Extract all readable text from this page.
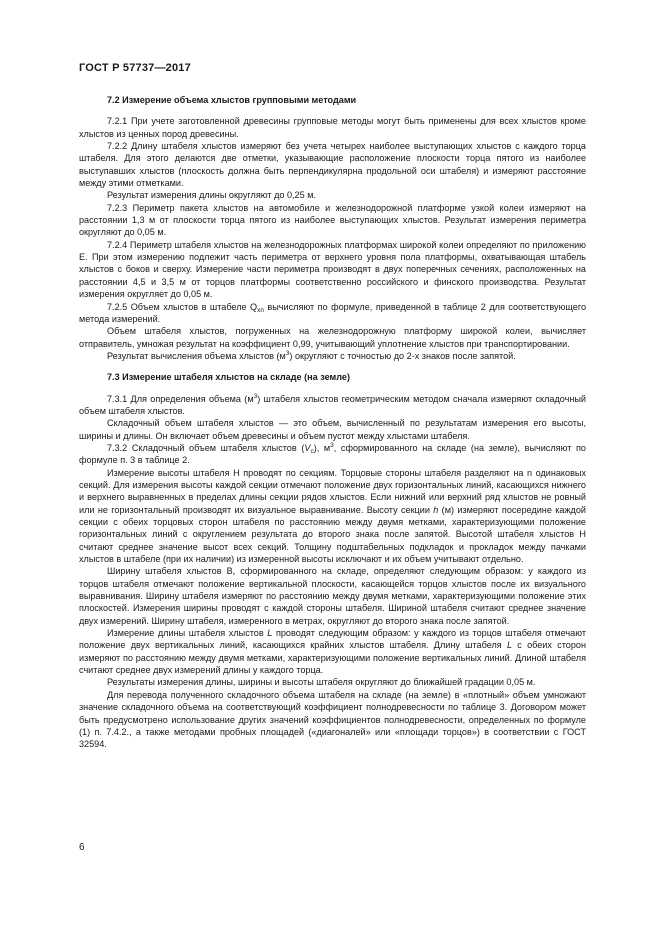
ГОСТ Р 57737—2017
7.2 Измерение объема хлыстов групповыми методами

7.2.1 При учете заготовленной древесины групповые методы могут быть применены для всех хлыстов кроме хлыстов из ценных пород древесины.

7.2.2 Длину штабеля хлыстов измеряют без учета четырех наиболее выступающих хлыстов с каждого торца штабеля. Для этого делаются две отметки, указывающие расположение плоскости торца пятого из наиболее выступавших хлыстов (плоскость должна быть перпендикулярна продольной оси штабеля) и измеряют расстояние между этими отметками.

Результат измерения длины округляют до 0,25 м.

7.2.3 Периметр пакета хлыстов на автомобиле и железнодорожной платформе узкой колеи измеряют на расстоянии 1,3 м от плоскости торца пятого из наиболее выступающих хлыстов. Результат измерения периметра округляют до 0,05 м.

7.2.4 Периметр штабеля хлыстов на железнодорожных платформах широкой колеи определяют по приложению Е. При этом измерению подлежит часть периметра от верхнего уровня пола платформы, охватывающая штабель хлыстов с боков и сверху. Измерение части периметра производят в двух поперечных сечениях, расположенных на расстоянии 4,5 и 3,5 м от торцов платформы соответственно российского и финского производства. Результат измерения округляет до 0,05 м.

7.2.5 Объем хлыстов в штабеле $Q_{хп}$ вычисляют по формуле, приведенной в таблице 2 для соответствующего метода измерений.

Объем штабеля хлыстов, погруженных на железнодорожную платформу широкой колеи, вычисляет отправитель, умножая результат на коэффициент 0,99, учитывающий уплотнение хлыстов при транспортировании.

Результат вычисления объема хлыстов $(м^3)$ округляют с точностью до 2-х знаков после запятой.

7.3 Измерение штабеля хлыстов на складе (на земле)

7.3.1 Для определения объема $(м^3)$ штабеля хлыстов геометрическим методом сначала измеряют складочный объем штабеля хлыстов.

Складочный объем штабеля хлыстов — это объем, вычисленный по результатам измерения его высоты, ширины и длины. Он включает объем древесины и объем пустот между хлыстами штабеля.

7.3.2 Складочный объем штабеля хлыстов $(V_с)$, $м^3$, сформированного на складе (на земле), вычисляют по формуле п. 3 в таблице 2.

Измерение высоты штабеля Н проводят по секциям. Торцовые стороны штабеля разделяют на n одинаковых секций. Для измерения высоты каждой секции отмечают положение двух горизонтальных линий, касающихся нижнего и верхнего выравненных в пределах длины секции рядов хлыстов. Если нижний или верхний ряд хлыстов не ровный или не горизонтальный производят их визуальное выравнивание. Высоту секции h (м) измеряют посередине каждой секции с обеих торцовых сторон штабеля по расстоянию между двумя метками, характеризующими положение горизонтальных линий с округлением результата до второго знака после запятой. Высотой штабеля хлыстов Н считают среднее значение высот всех секций. Толщину подштабельных подкладок и прокладок между пачками хлыстов в штабеле (при их наличии) из измеренной высоты исключают и их объем учитывают отдельно.

Ширину штабеля хлыстов В, сформированного на складе, определяют следующим образом: у каждого из торцов штабеля отмечают положение вертикальной плоскости, касающейся торцов хлыстов после их визуального выравнивания. Ширину штабеля измеряют по расстоянию между двумя метками, характеризующими положение этих плоскостей. Измерения ширины проводят с каждой стороны штабеля. Шириной штабеля считают среднее значение двух измерений. Ширину штабеля, измеренного в метрах, округляют до второго знака после запятой.

Измерение длины штабеля хлыстов L проводят следующим образом: у каждого из торцов штабеля отмечают положение двух вертикальных линий, касающихся крайних хлыстов штабеля. Длину штабеля L с обеих сторон измеряют по расстоянию между двумя метками, характеризующими положение вертикальных линий. Длиной штабеля считают среднее двух измерений длины у каждого торца.

Результаты измерения длины, ширины и высоты штабеля округляют до ближайшей градации 0,05 м.

Для перевода полученного складочного объема штабеля на складе (на земле) в «плотный» объем умножают значение складочного объема на соответствующий коэффициент полнодревесности по таблице 3. Договором может быть предусмотрено использование других значений коэффициентов полнодревесности, определенных по формуле (1) п. 7.4.2., а также методами пробных площадей («диагоналей» или «площади торцов») в соответствии с ГОСТ 32594.

6
